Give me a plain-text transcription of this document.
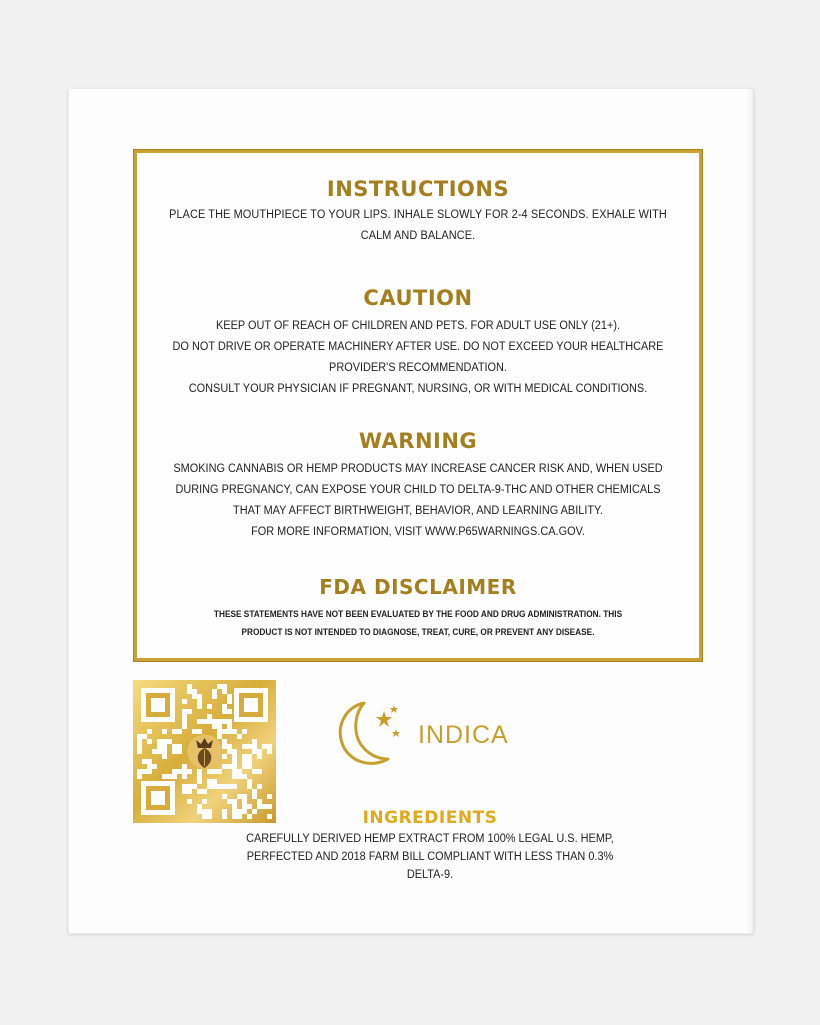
INSTRUCTIONS

PLACE THE MOUTHPIECE TO YOUR LIPS. INHALE SLOWLY FOR 2-4 SECONDS. EXHALE WITH
CALM AND BALANCE.

CAUTION

KEEP OUT OF REACH OF CHILDREN AND PETS. FOR ADULT USE ONLY (21+).
DO NOT DRIVE OR OPERATE MACHINERY AFTER USE. DO NOT EXCEED YOUR HEALTHCARE
PROVIDER'S RECOMMENDATION.
CONSULT YOUR PHYSICIAN IF PREGNANT, NURSING, OR WITH MEDICAL CONDITIONS.

WARNING

SMOKING CANNABIS OR HEMP PRODUCTS MAY INCREASE CANCER RISK AND, WHEN USED
DURING PREGNANCY, CAN EXPOSE YOUR CHILD TO DELTA-9-THC AND OTHER CHEMICALS
THAT MAY AFFECT BIRTHWEIGHT, BEHAVIOR, AND LEARNING ABILITY.
FOR MORE INFORMATION, VISIT WWW.P65WARNINGS.CA.GOV.

FDA DISCLAIMER

THESE STATEMENTS HAVE NOT BEEN EVALUATED BY THE FOOD AND DRUG ADMINISTRATION. THIS
PRODUCT IS NOT INTENDED TO DIAGNOSE, TREAT, CURE, OR PREVENT ANY DISEASE.

INDICA

INGREDIENTS

CAREFULLY DERIVED HEMP EXTRACT FROM 100% LEGAL U.S. HEMP,
PERFECTED AND 2018 FARM BILL COMPLIANT WITH LESS THAN 0.3%
DELTA-9.
